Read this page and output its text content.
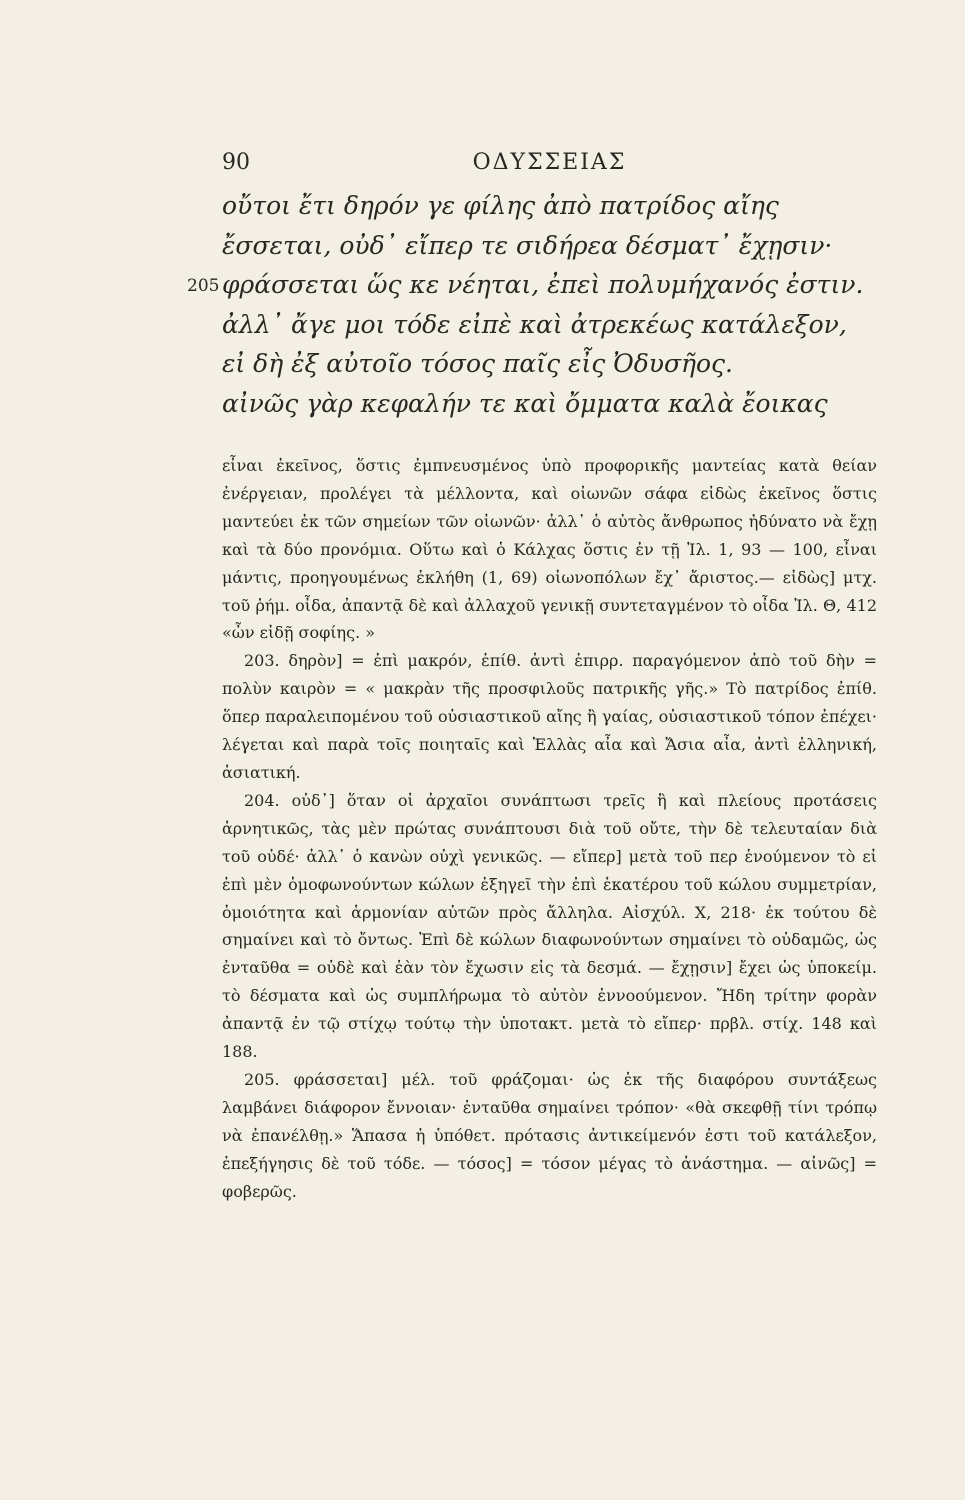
90	ΟΔΥΣΣΕΙΑΣ
οὔτοι ἔτι δηρόν γε φίλης ἀπὸ πατρίδος αἴης
ἔσσεται, οὐδ᾽ εἴπερ τε σιδήρεα δέσματ᾽ ἔχῃσιν·
205 φράσσεται ὥς κε νέηται, ἐπεὶ πολυμήχανός ἐστιν.
ἀλλ᾽ ἄγε μοι τόδε εἰπὲ καὶ ἀτρεκέως κατάλεξον,
εἰ δὴ ἐξ αὐτοῖο τόσος παῖς εἶς Ὀδυσῆος.
αἰνῶς γὰρ κεφαλήν τε καὶ ὄμματα καλὰ ἔοικας

εἶναι ἐκεῖνος, ὅστις ἐμπνευσμένος ὑπὸ προφορικῆς μαντείας κατὰ θείαν ἐνέργειαν, προλέγει τὰ μέλλοντα, καὶ οἰωνῶν σάφα εἰδὼς ἐκεῖνος ὅστις μαντεύει ἐκ τῶν σημείων τῶν οἰωνῶν· ἀλλ᾽ ὁ αὐτὸς ἄνθρωπος ἠδύνατο νὰ ἔχῃ καὶ τὰ δύο προνόμια. Οὕτω καὶ ὁ Κάλχας ὅστις ἐν τῇ Ἰλ. 1, 93 — 100, εἶναι μάντις, προηγουμένως ἐκλήθη (1, 69) οἰωνοπόλων ἔχ᾽ ἄριστος.— εἰδὼς] μτχ. τοῦ ῥήμ. οἶδα, ἀπαντᾷ δὲ καὶ ἀλλαχοῦ γενικῇ συντεταγμένον τὸ οἶδα Ἰλ. Θ, 412 «ὧν εἰδῇ σοφίης. »

203. δηρὸν] = ἐπὶ μακρόν, ἐπίθ. ἀντὶ ἐπιρρ. παραγόμενον ἀπὸ τοῦ δὴν = πολὺν καιρὸν = « μακρὰν τῆς προσφιλοῦς πατρικῆς γῆς.» Τὸ πατρίδος ἐπίθ. ὅπερ παραλειπομένου τοῦ οὐσιαστικοῦ αἴης ἢ γαίας, οὐσιαστικοῦ τόπον ἐπέχει· λέγεται καὶ παρὰ τοῖς ποιηταῖς καὶ Ἑλλὰς αἶα καὶ Ἄσια αἶα, ἀντὶ ἑλληνική, ἀσιατική.

204. οὐδ᾽] ὅταν οἱ ἀρχαῖοι συνάπτωσι τρεῖς ἢ καὶ πλείους προτάσεις ἀρνητικῶς, τὰς μὲν πρώτας συνάπτουσι διὰ τοῦ οὔτε, τὴν δὲ τελευταίαν διὰ τοῦ οὐδέ· ἀλλ᾽ ὁ κανὼν οὐχὶ γενικῶς. — εἴπερ] μετὰ τοῦ περ ἑνούμενον τὸ εἰ ἐπὶ μὲν ὁμοφωνούντων κώλων ἐξηγεῖ τὴν ἐπὶ ἑκατέρου τοῦ κώλου συμμετρίαν, ὁμοιότητα καὶ ἁρμονίαν αὐτῶν πρὸς ἄλληλα. Αἰσχύλ. Χ, 218· ἐκ τούτου δὲ σημαίνει καὶ τὸ ὄντως. Ἐπὶ δὲ κώλων διαφωνούντων σημαίνει τὸ οὐδαμῶς, ὡς ἐνταῦθα = οὐδὲ καὶ ἐὰν τὸν ἔχωσιν εἰς τὰ δεσμά. — ἔχῃσιν] ἔχει ὡς ὑποκείμ. τὸ δέσματα καὶ ὡς συμπλήρωμα τὸ αὐτὸν ἐννοούμενον. Ἤδη τρίτην φορὰν ἀπαντᾷ ἐν τῷ στίχῳ τούτῳ τὴν ὑποτακτ. μετὰ τὸ εἴπερ· πρβλ. στίχ. 148 καὶ 188.

205. φράσσεται] μέλ. τοῦ φράζομαι· ὡς ἐκ τῆς διαφόρου συντάξεως λαμβάνει διάφορον ἔννοιαν· ἐνταῦθα σημαίνει τρόπον· «θὰ σκεφθῇ τίνι τρόπῳ νὰ ἐπανέλθῃ.» Ἅπασα ἡ ὑπόθετ. πρότασις ἀντικείμενόν ἐστι τοῦ κατάλεξον, ἐπεξήγησις δὲ τοῦ τόδε. — τόσος] = τόσον μέγας τὸ ἀνάστημα. — αἰνῶς] = φοβερῶς.
